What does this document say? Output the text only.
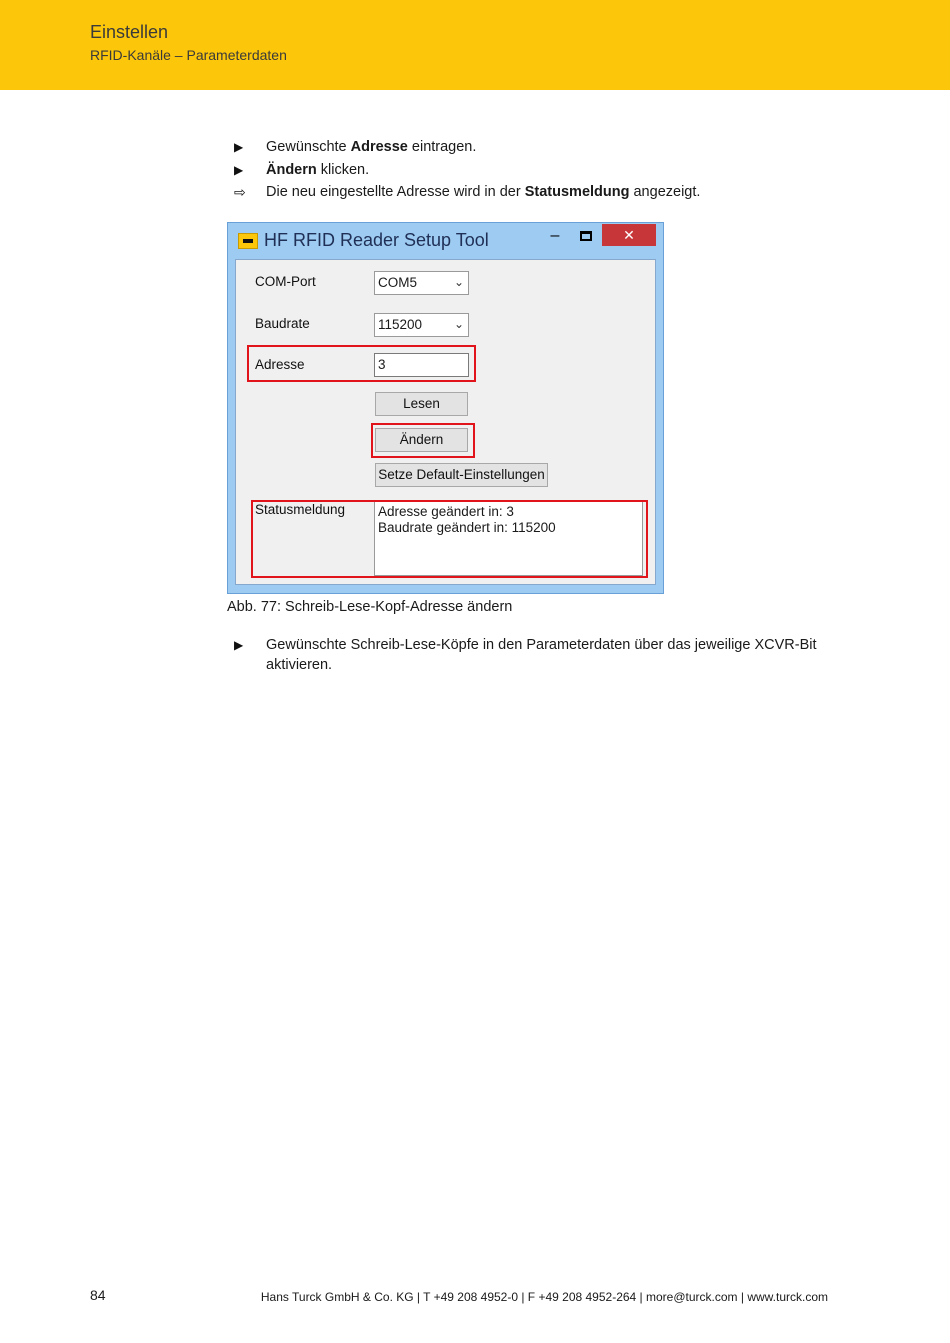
Einstellen
RFID-Kanäle – Parameterdaten
▶	Gewünschte Adresse eintragen.
▶	Ändern klicken.
⇨	Die neu eingestellte Adresse wird in der Statusmeldung angezeigt.
HF RFID Reader Setup Tool	–	✕
COM-Port	COM5	⌄
Baudrate	115200	⌄
Adresse	3
Lesen
Ändern
Setze Default-Einstellungen
Statusmeldung Adresse geändert in: 3
Baudrate geändert in: 115200
Abb. 77: Schreib-Lese-Kopf-Adresse ändern
▶	Gewünschte Schreib-Lese-Köpfe in den Parameterdaten über das jeweilige XCVR-Bit aktivieren.
84	Hans Turck GmbH & Co. KG | T +49 208 4952-0 | F +49 208 4952-264 | more@turck.com | www.turck.com
